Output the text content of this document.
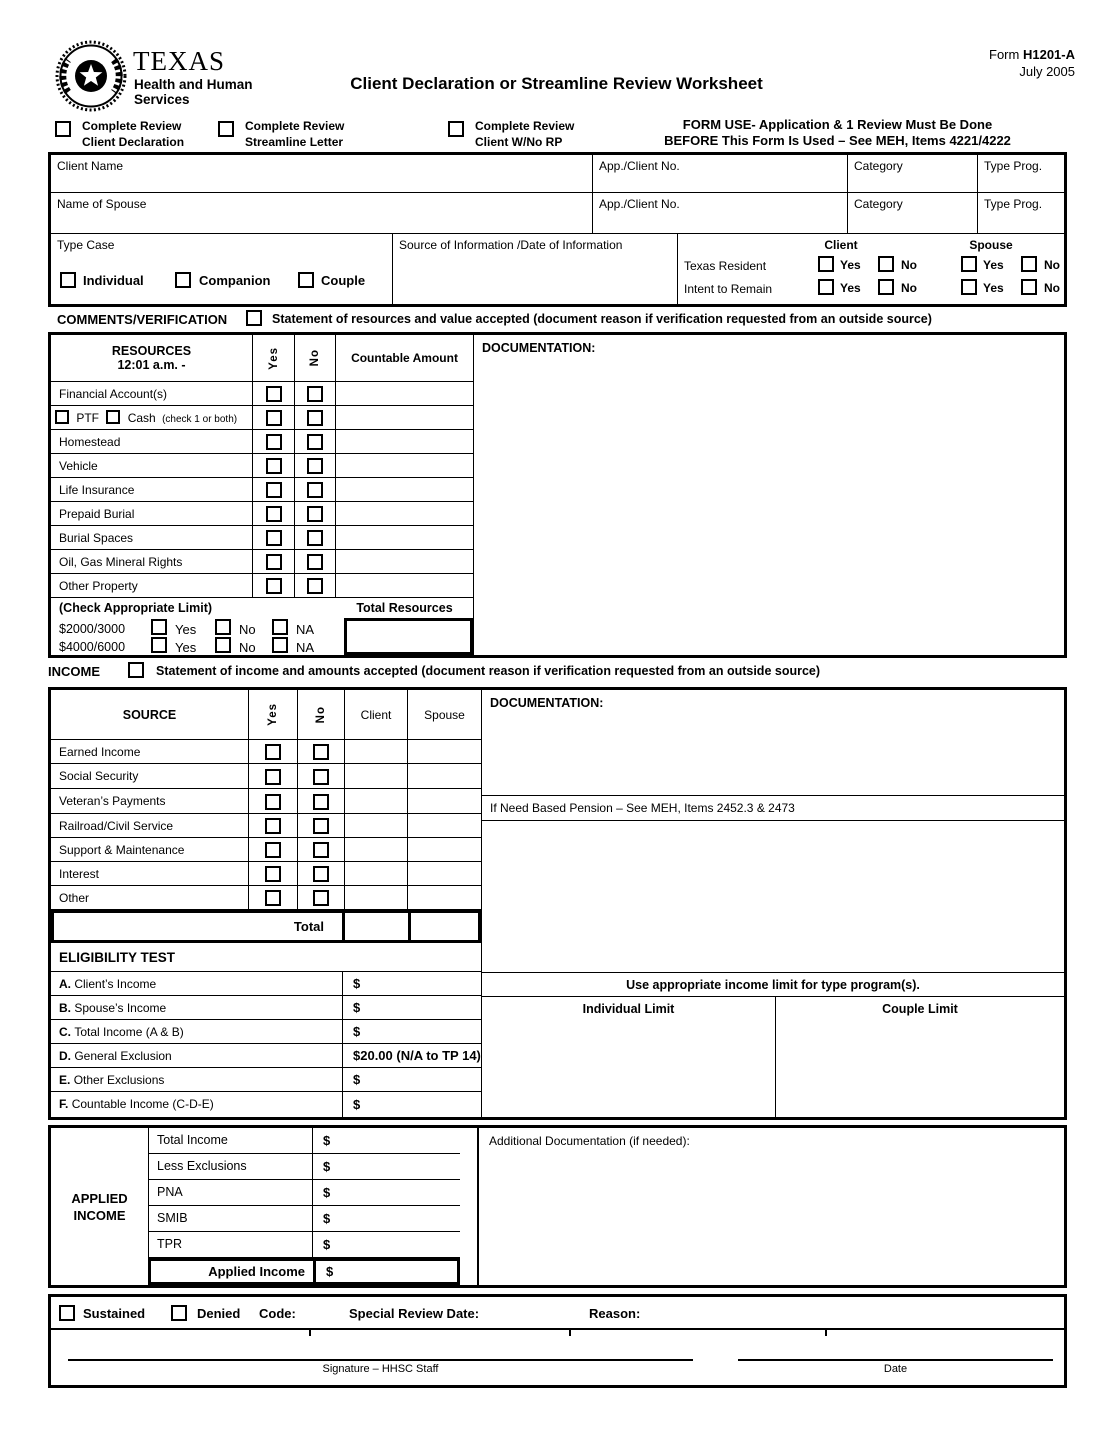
TEXAS
Health and Human
Services
Client Declaration or Streamline Review Worksheet
Form H1201-A
July 2005
Complete Review
Client Declaration
Complete Review
Streamline Letter
Complete Review
Client W/No RP
FORM USE- Application & 1 Review Must Be Done
BEFORE This Form Is Used – See MEH, Items 4221/4222
Client Name	App./Client No.	Category	Type Prog.
Name of Spouse	App./Client No.	Category	Type Prog.
Type Case
Individual	Companion	Couple
Source of Information /Date of Information	Client	Spouse
Texas Resident	Yes	No	Yes	No
Intent to Remain	Yes	No	Yes	No
COMMENTS/VERIFICATION	Statement of resources and value accepted (document reason if verification requested from an outside source)
RESOURCES
12:01 a.m. -	Yes	No	Countable Amount
DOCUMENTATION:
Financial Account(s)
PTF Cash (check 1 or both)
Homestead
Vehicle
Life Insurance
Prepaid Burial
Burial Spaces
Oil, Gas Mineral Rights
Other Property
(Check Appropriate Limit)	Total Resources
$2000/3000	Yes	No	NA
$4000/6000	Yes	No	NA
INCOME	Statement of income and amounts accepted (document reason if verification requested from an outside source)
SOURCE	Yes	No	Client	Spouse
DOCUMENTATION:
If Need Based Pension – See MEH, Items 2452.3 & 2473
Use appropriate income limit for type program(s).
Individual Limit	Couple Limit
Earned Income
Social Security
Veteran’s Payments
Railroad/Civil Service
Support & Maintenance
Interest
Other
Total
ELIGIBILITY TEST
A. Client’s Income	$
B. Spouse’s Income	$
C. Total Income (A & B)	$
D. General Exclusion	$20.00 (N/A to TP 14)
E. Other Exclusions	$
F. Countable Income (C-D-E)	$
APPLIED
INCOME
Total Income	$
Less Exclusions	$
PNA	$
SMIB	$
TPR	$
Applied Income	$
Additional Documentation (if needed):
Sustained	Denied Code:	Special Review Date:	Reason:
Signature – HHSC Staff	Date
